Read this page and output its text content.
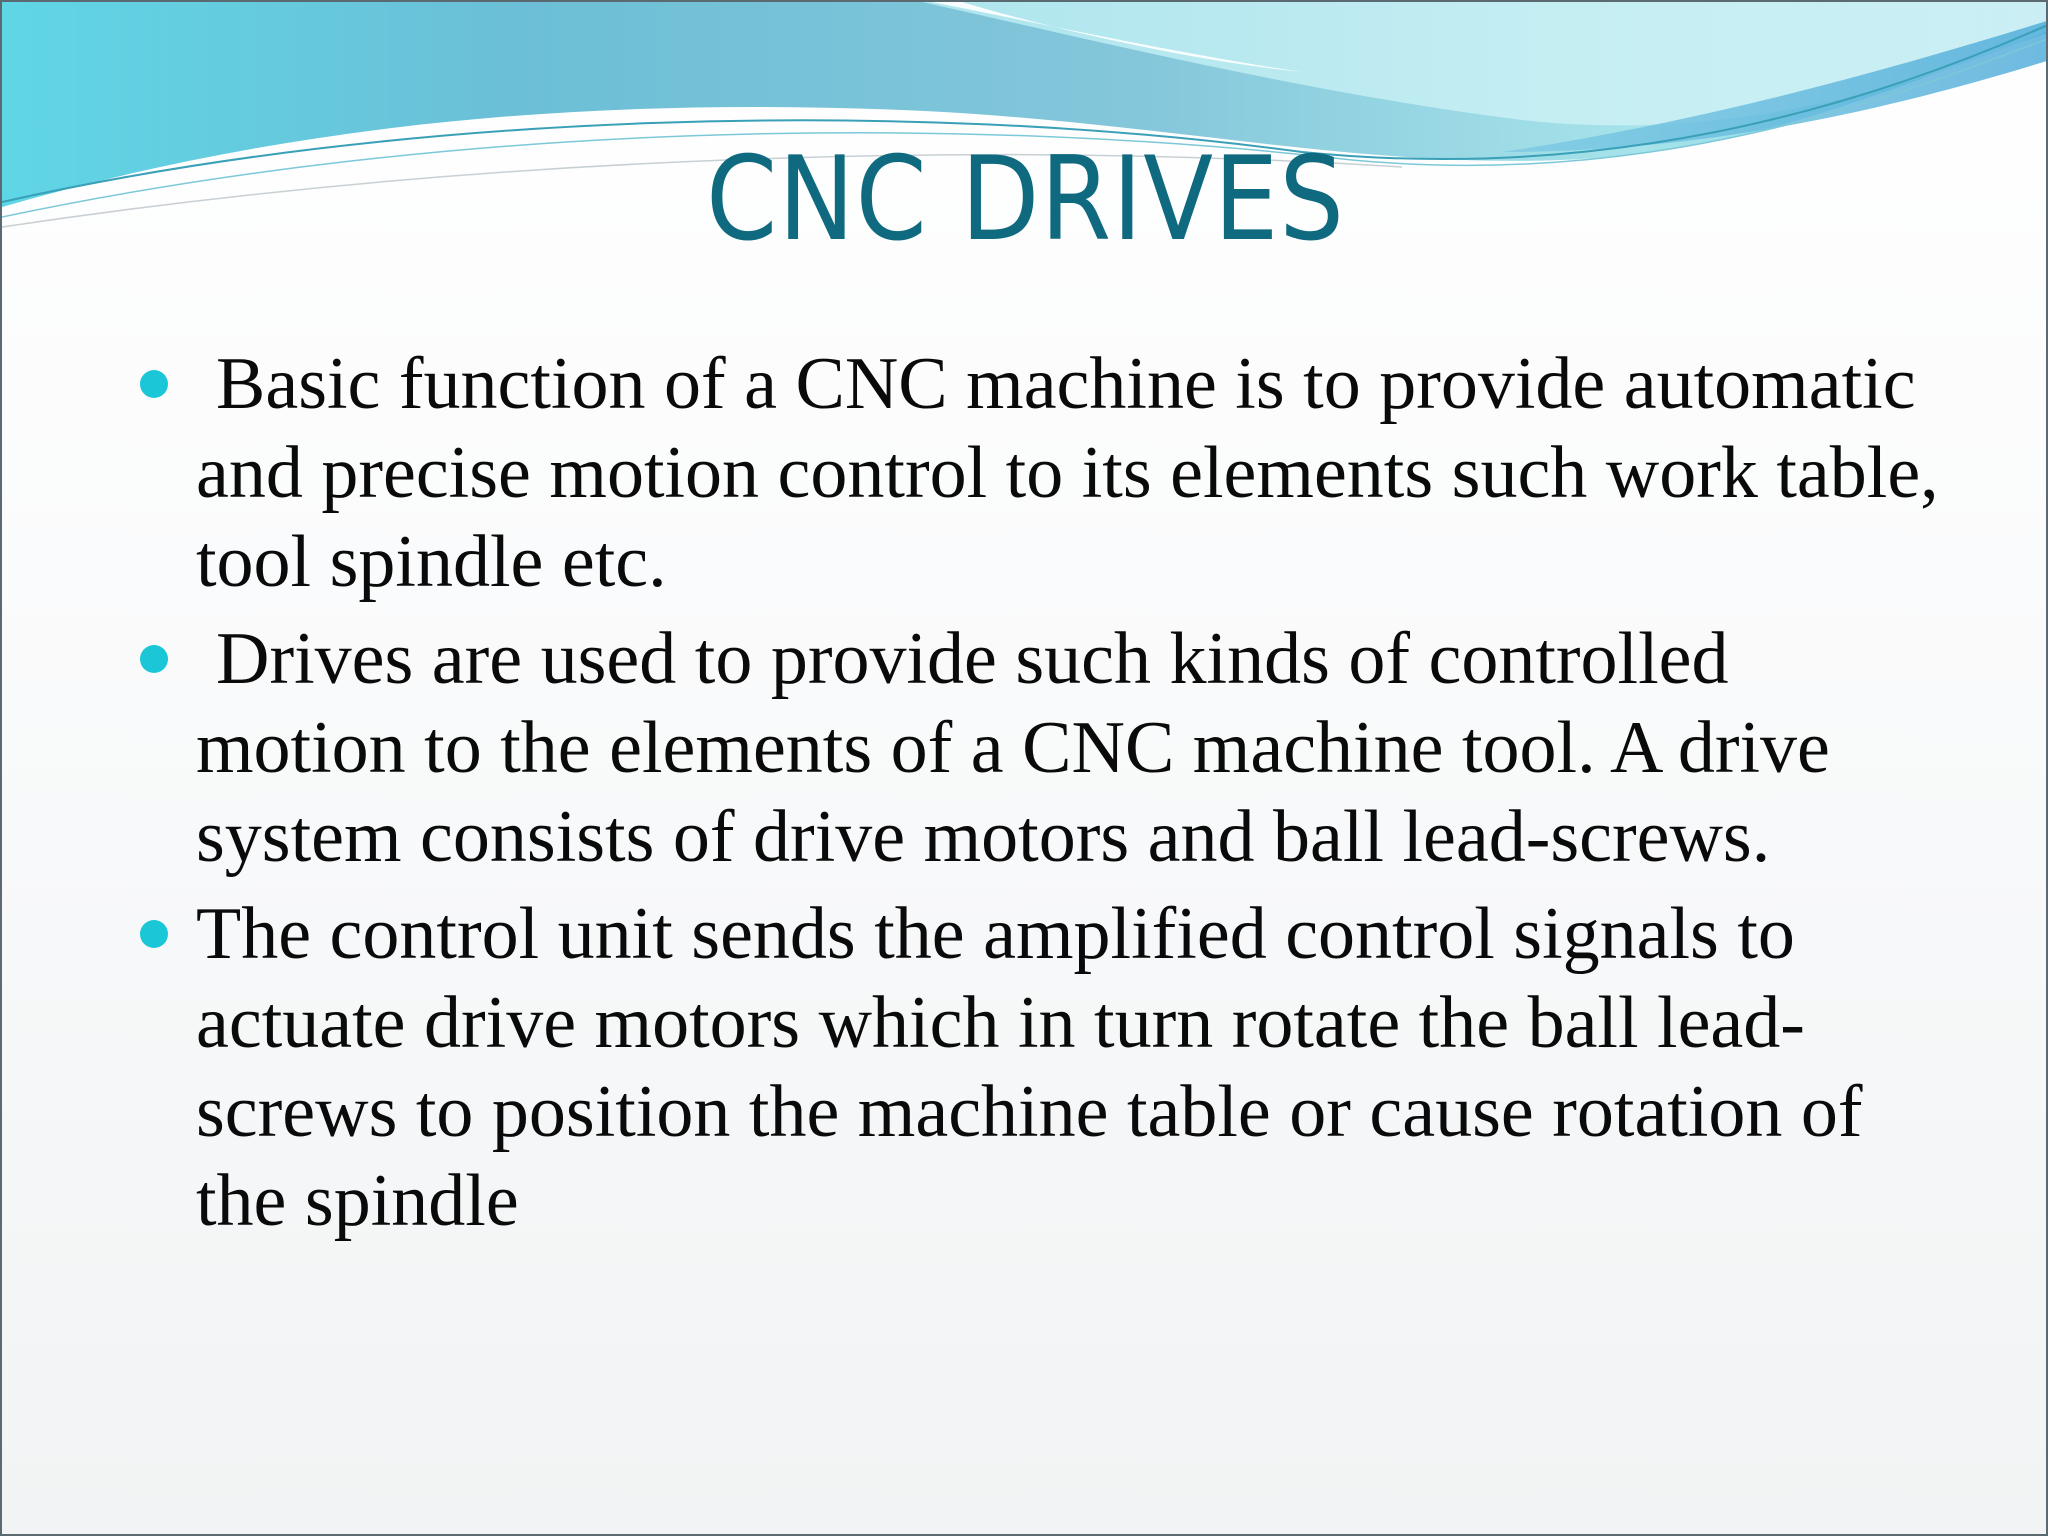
CNC DRIVES
Basic function of a CNC machine is to provide automatic and precise motion control to its elements such work table, tool spindle etc.
Drives are used to provide such kinds of controlled motion to the elements of a CNC machine tool. A drive system consists of drive motors and ball lead-screws.
The control unit sends the amplified control signals to actuate drive motors which in turn rotate the ball lead-screws to position the machine table or cause rotation of the spindle
